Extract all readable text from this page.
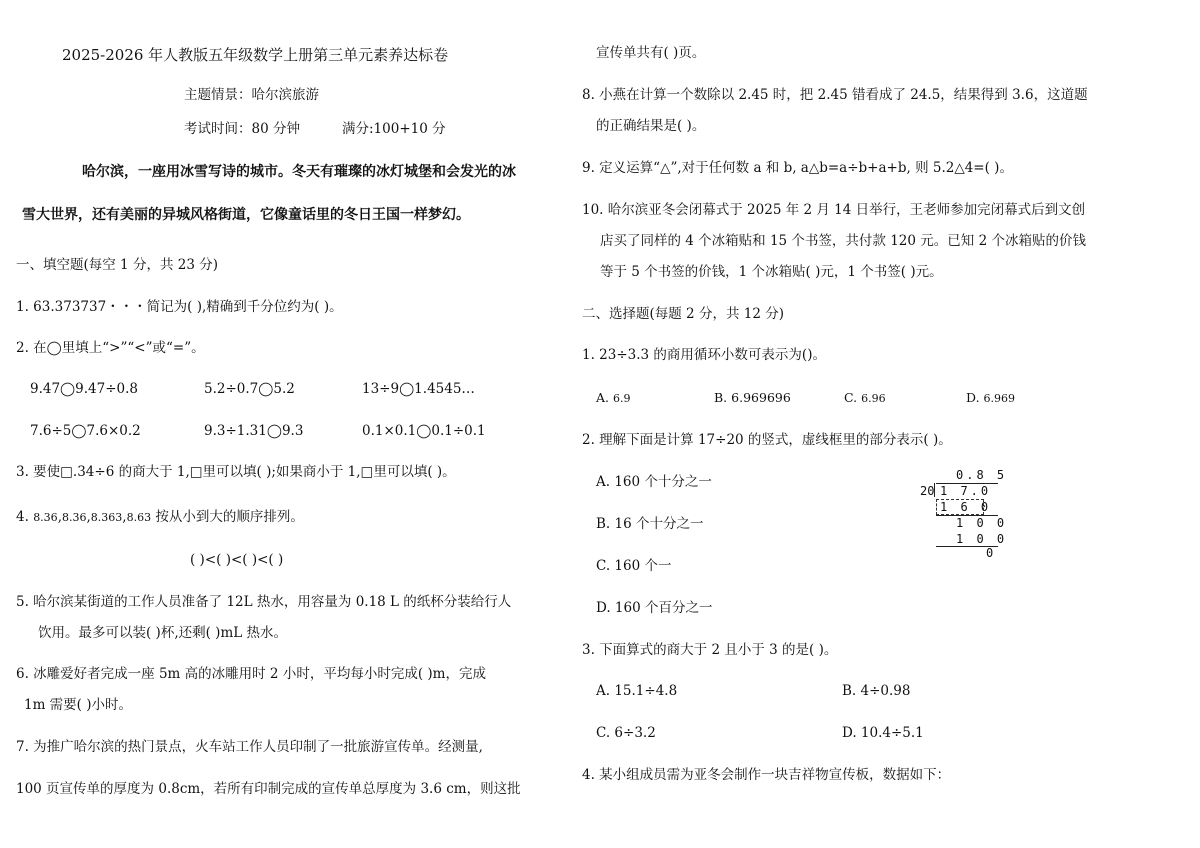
2025-2026 年人教版五年级数学上册第三单元素养达标卷
主题情景：哈尔滨旅游
考试时间：80 分钟	满分:100+10 分
哈尔滨，一座用冰雪写诗的城市。冬天有璀璨的冰灯城堡和会发光的冰
雪大世界，还有美丽的异城风格街道，它像童话里的冬日王国一样梦幻。
一、填空题(每空 1 分，共 23 分)
1. 63.373737・・・简记为( ),精确到千分位约为( )。
2. 在◯里填上“>”“<”或“=”。
9.47◯9.47÷0.8	5.2÷0.7◯5.2	13÷9◯1.4545…
7.6÷5◯7.6×0.2	9.3÷1.31◯9.3	0.1×0.1◯0.1÷0.1
3. 要使□.34÷6 的商大于 1,□里可以填( );如果商小于 1,□里可以填( )。
4. 8.36,8.36,8.363,8.63 按从小到大的顺序排列。
( )<( )<( )<( )
5. 哈尔滨某街道的工作人员准备了 12L 热水，用容量为 0.18 L 的纸杯分装给行人
饮用。最多可以装( )杯,还剩( )mL 热水。
6. 冰雕爱好者完成一座 5m 高的冰雕用时 2 小时，平均每小时完成( )m，完成
1m 需要( )小时。
7. 为推广哈尔滨的热门景点，火车站工作人员印制了一批旅游宣传单。经测量,
100 页宣传单的厚度为 0.8cm，若所有印制完成的宣传单总厚度为 3.6 cm，则这批
宣传单共有( )页。
8. 小燕在计算一个数除以 2.45 时，把 2.45 错看成了 24.5，结果得到 3.6，这道题
的正确结果是( )。
9. 定义运算“△”,对于任何数 a 和 b, a△b=a÷b+a+b, 则 5.2△4=( )。
10. 哈尔滨亚冬会闭幕式于 2025 年 2 月 14 日举行，王老师参加完闭幕式后到文创
店买了同样的 4 个冰箱贴和 15 个书签，共付款 120 元。已知 2 个冰箱贴的价钱
等于 5 个书签的价钱，1 个冰箱贴( )元，1 个书签( )元。
二、选择题(每题 2 分，共 12 分)
1. 23÷3.3 的商用循环小数可表示为()。
A. 6.9	B. 6.969696	C. 6.96	D. 6.969
2. 理解下面是计算 17÷20 的竖式，虚线框里的部分表示( )。
A. 160 个十分之一
B. 16 个十分之一
C. 160 个一
D. 160 个百分之一
0.8 5
20 1 7.0
1 6 0
1 0 0
1 0 0
0
3. 下面算式的商大于 2 且小于 3 的是( )。
A. 15.1÷4.8	B. 4÷0.98
C. 6÷3.2	D. 10.4÷5.1
4. 某小组成员需为亚冬会制作一块吉祥物宣传板，数据如下：
